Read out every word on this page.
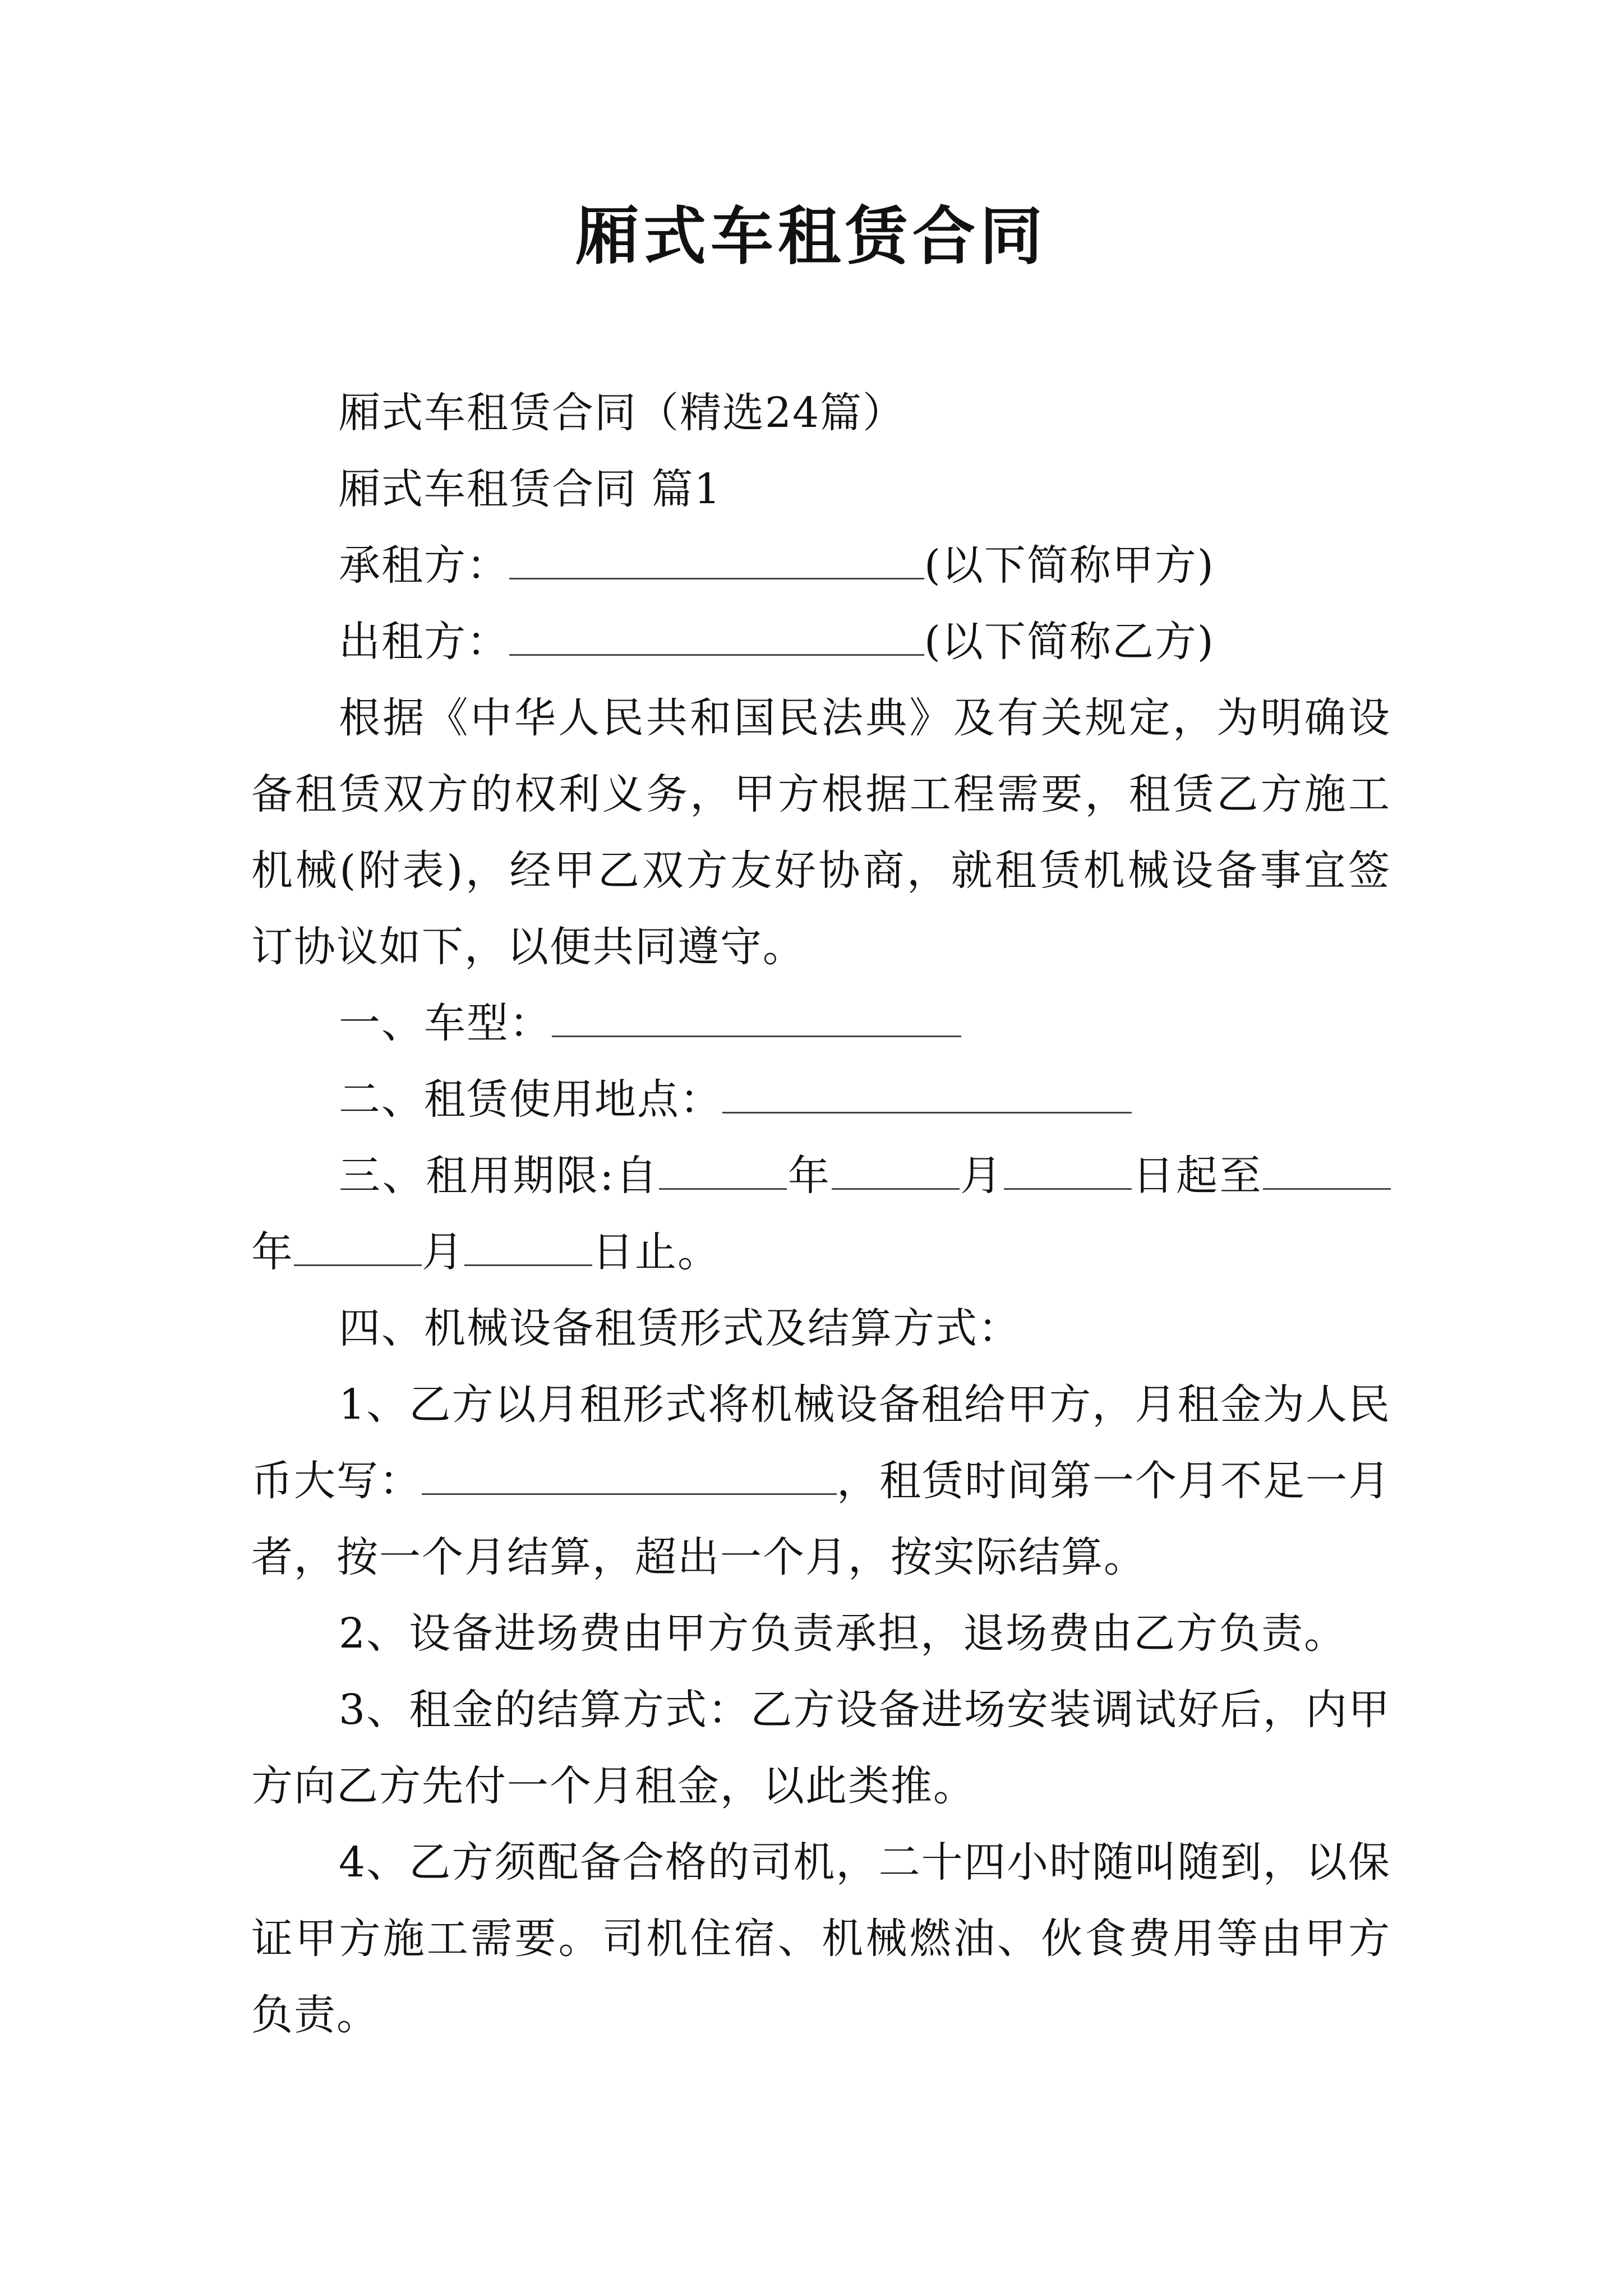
厢式车租赁合同

厢式车租赁合同（精选24篇）

厢式车租赁合同 篇1

承租方：	(以下简称甲方)

出租方：	(以下简称乙方)

根据《中华人民共和国民法典》及有关规定，为明确设备租赁双方的权利义务，甲方根据工程需要，租赁乙方施工机械(附表)，经甲乙双方友好协商，就租赁机械设备事宜签订协议如下，以便共同遵守。

一、车型：

二、租赁使用地点：

三、租用期限:自	年	月	日起至年	月	日止。

四、机械设备租赁形式及结算方式：

1、乙方以月租形式将机械设备租给甲方，月租金为人民币大写：	，租赁时间第一个月不足一月者，按一个月结算，超出一个月，按实际结算。

2、设备进场费由甲方负责承担，退场费由乙方负责。

3、租金的结算方式：乙方设备进场安装调试好后，内甲方向乙方先付一个月租金，以此类推。

4、乙方须配备合格的司机，二十四小时随叫随到，以保证甲方施工需要。司机住宿、机械燃油、伙食费用等由甲方负责。
